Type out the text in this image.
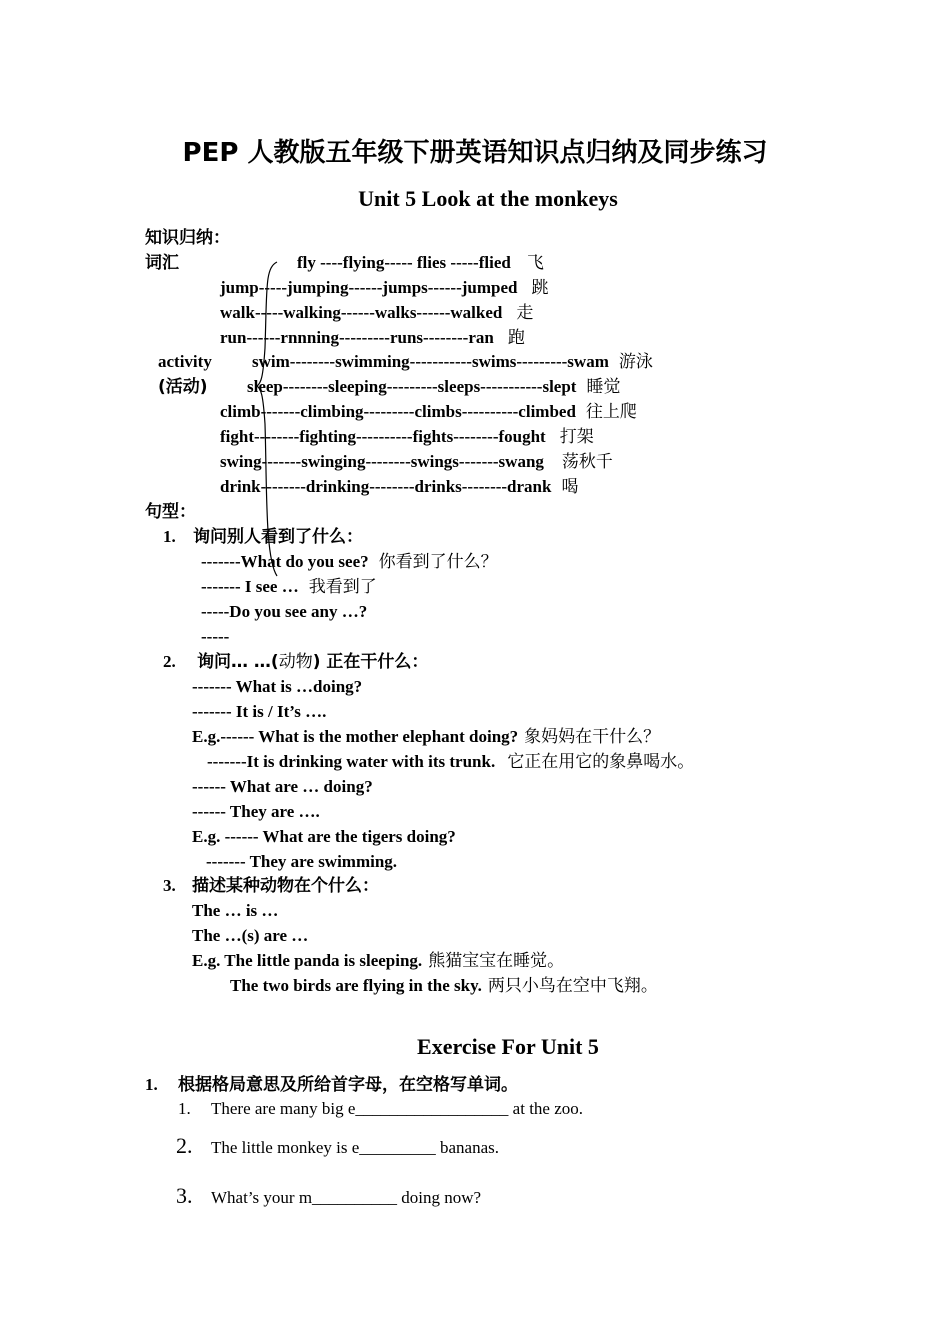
PEP 人教版五年级下册英语知识点归纳及同步练习
Unit 5 Look at the monkeys
知识归纳：
词汇
activity
(活动)
fly ----flying----- flies -----flied 飞
jump-----jumping------jumps------jumped 跳
walk-----walking------walks------walked 走
run------rnnning---------runs--------ran 跑
swim--------swimming-----------swims---------swam 游泳
sleep--------sleeping---------sleeps-----------slept 睡觉
climb-------climbing---------climbs----------climbed 往上爬
fight--------fighting----------fights--------fought 打架
swing-------swinging--------swings-------swang 荡秋千
drink--------drinking--------drinks--------drank 喝
句型：
1. 询问别人看到了什么：
-------What do you see? 你看到了什么？
------- I see … 我看到了
-----Do you see any …?
-----
2. 询问… …(动物) 正在干什么：
------- What is …doing?
------- It is / It’s ….
E.g.------ What is the mother elephant doing? 象妈妈在干什么？
-------It is drinking water with its trunk. 它正在用它的象鼻喝水。
------ What are … doing?
------ They are ….
E.g. ------ What are the tigers doing?
------- They are swimming.
3. 描述某种动物在个什么：
The … is …
The …(s) are …
E.g. The little panda is sleeping. 熊猫宝宝在睡觉。
The two birds are flying in the sky. 两只小鸟在空中飞翔。
Exercise For Unit 5
1. 根据格局意思及所给首字母，在空格写单词。
1. There are many big e__________________ at the zoo.
2. The little monkey is e_________ bananas.
3. What’s your m__________ doing now?
